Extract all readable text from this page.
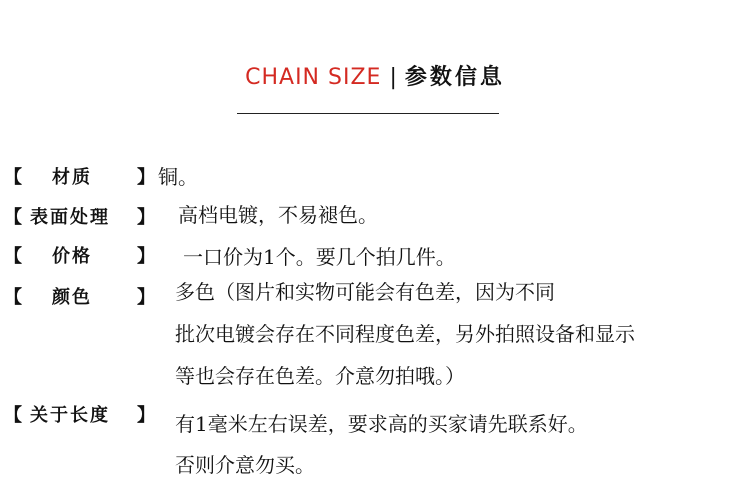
CHAIN SIZE | 参数信息
【 材质	】 铜。
【 表面处理 】 高档电镀，不易褪色。
【 价格	】 一口价为1个。要几个拍几件。
【 颜色	】 多色（图片和实物可能会有色差，因为不同
批次电镀会存在不同程度色差，另外拍照设备和显示
等也会存在色差。介意勿拍哦。）
【 关于长度 】 有1毫米左右误差，要求高的买家请先联系好。
否则介意勿买。
